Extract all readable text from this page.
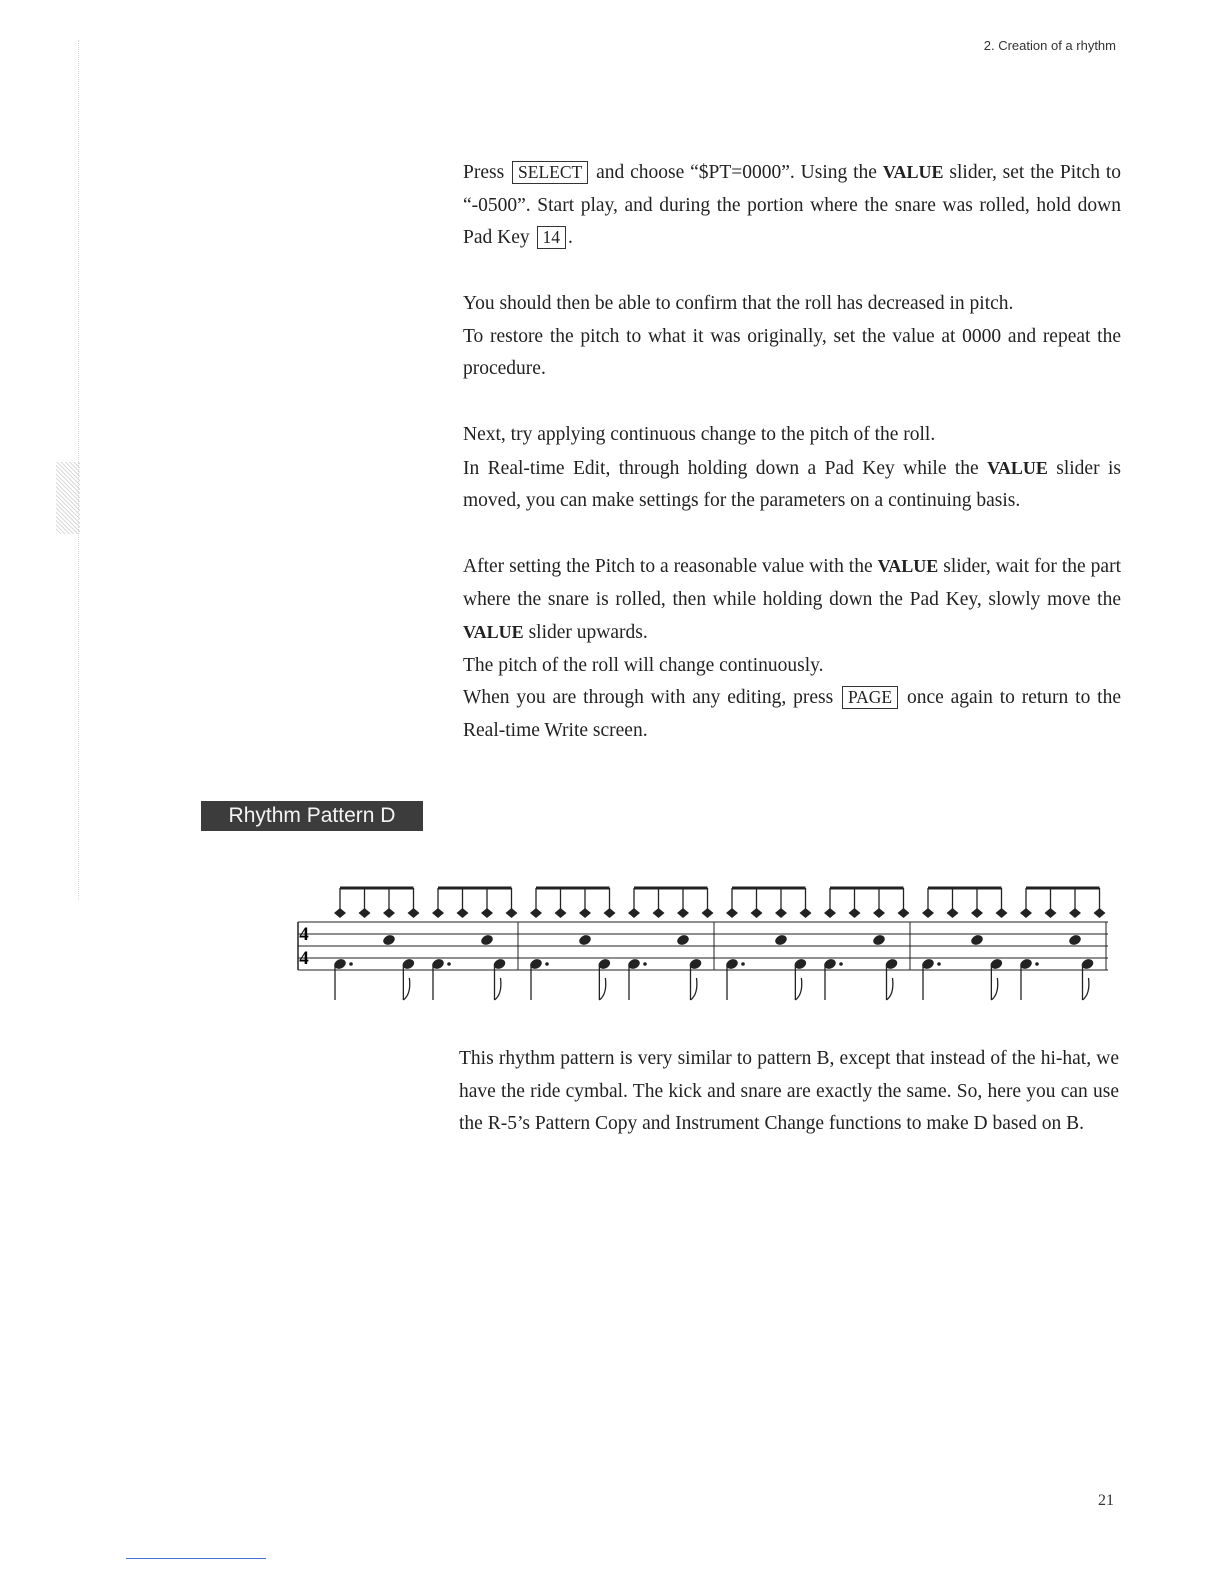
2. Creation of a rhythm

Press SELECT and choose “$PT=0000”. Using the VALUE slider, set the Pitch to “-0500”. Start play, and during the portion where the snare was rolled, hold down Pad Key 14 .

You should then be able to confirm that the roll has decreased in pitch.

To restore the pitch to what it was originally, set the value at 0000 and repeat the procedure.

Next, try applying continuous change to the pitch of the roll.

In Real-time Edit, through holding down a Pad Key while the VALUE slider is moved, you can make settings for the parameters on a continuing basis.

After setting the Pitch to a reasonable value with the VALUE slider, wait for the part where the snare is rolled, then while holding down the Pad Key, slowly move the VALUE slider upwards.

The pitch of the roll will change continuously.

When you are through with any editing, press PAGE once again to return to the Real-time Write screen.

Rhythm Pattern D
4
4

This rhythm pattern is very similar to pattern B, except that instead of the hi-hat, we have the ride cymbal. The kick and snare are exactly the same. So, here you can use the R-5’s Pattern Copy and Instrument Change functions to make D based on B.

21
